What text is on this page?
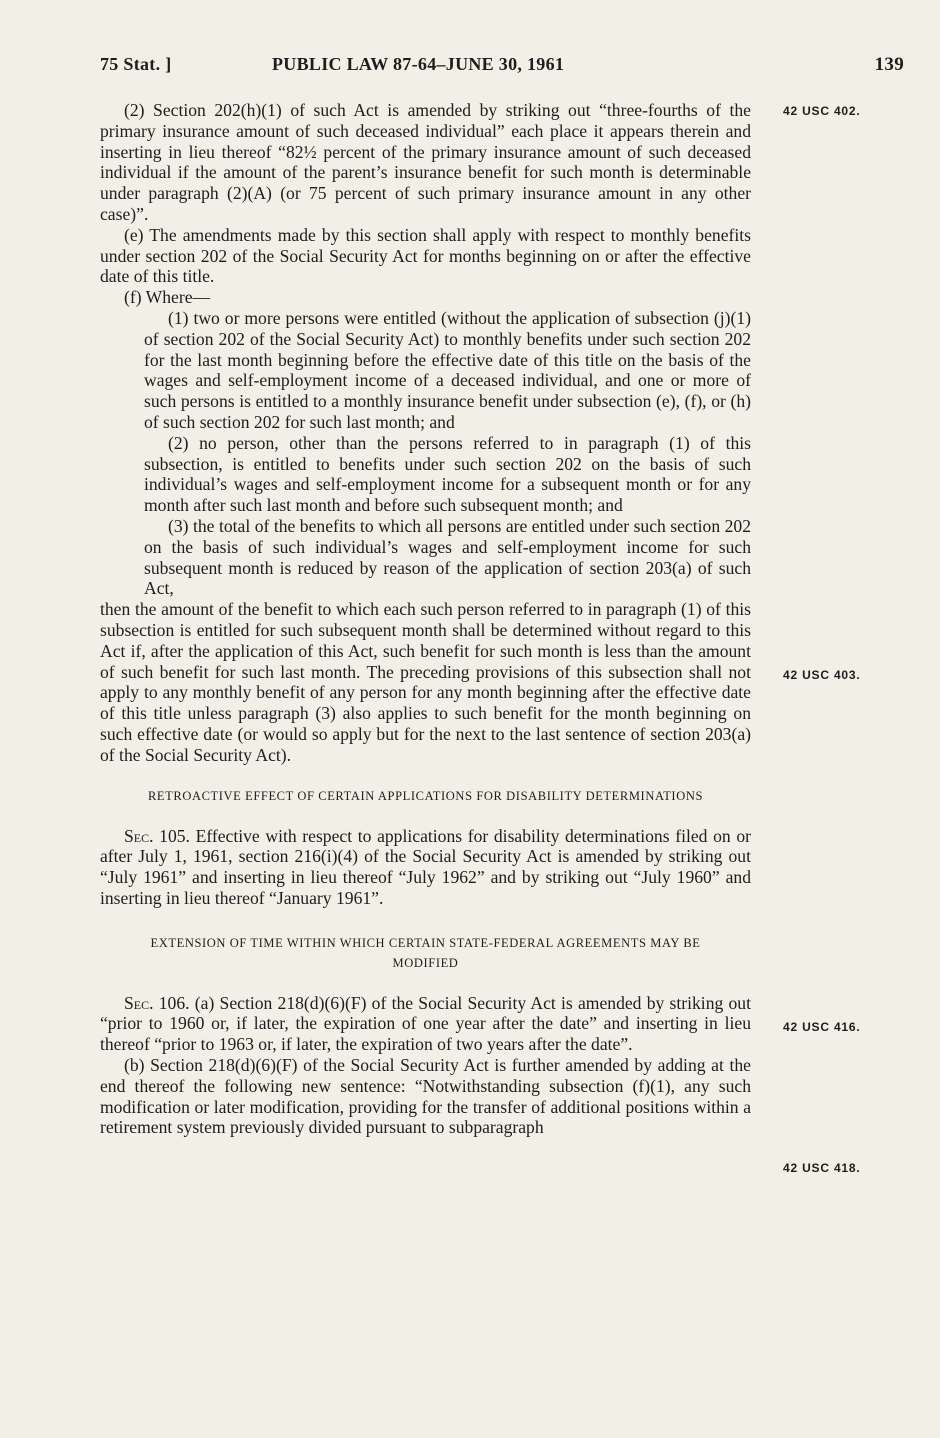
75 Stat. ]	PUBLIC LAW 87-64–JUNE 30, 1961	139
42 USC 402.
42 USC 403.
42 USC 416.
42 USC 418.

(2) Section 202(h)(1) of such Act is amended by striking out “three-fourths of the primary insurance amount of such deceased individual” each place it appears therein and inserting in lieu thereof “82½ percent of the primary insurance amount of such deceased individual if the amount of the parent’s insurance benefit for such month is determinable under paragraph (2)(A) (or 75 percent of such primary insurance amount in any other case)”.

(e) The amendments made by this section shall apply with respect to monthly benefits under section 202 of the Social Security Act for months beginning on or after the effective date of this title.

(f) Where—

(1) two or more persons were entitled (without the application of subsection (j)(1) of section 202 of the Social Security Act) to monthly benefits under such section 202 for the last month beginning before the effective date of this title on the basis of the wages and self-employment income of a deceased individual, and one or more of such persons is entitled to a monthly insurance benefit under subsection (e), (f), or (h) of such section 202 for such last month; and

(2) no person, other than the persons referred to in paragraph (1) of this subsection, is entitled to benefits under such section 202 on the basis of such individual’s wages and self-employment income for a subsequent month or for any month after such last month and before such subsequent month; and

(3) the total of the benefits to which all persons are entitled under such section 202 on the basis of such individual’s wages and self-employment income for such subsequent month is reduced by reason of the application of section 203(a) of such Act,

then the amount of the benefit to which each such person referred to in paragraph (1) of this subsection is entitled for such subsequent month shall be determined without regard to this Act if, after the application of this Act, such benefit for such month is less than the amount of such benefit for such last month. The preceding provisions of this subsection shall not apply to any monthly benefit of any person for any month beginning after the effective date of this title unless paragraph (3) also applies to such benefit for the month beginning on such effective date (or would so apply but for the next to the last sentence of section 203(a) of the Social Security Act).

RETROACTIVE EFFECT OF CERTAIN APPLICATIONS FOR DISABILITY DETERMINATIONS

Sec. 105. Effective with respect to applications for disability determinations filed on or after July 1, 1961, section 216(i)(4) of the Social Security Act is amended by striking out “July 1961” and inserting in lieu thereof “July 1962” and by striking out “July 1960” and inserting in lieu thereof “January 1961”.

EXTENSION OF TIME WITHIN WHICH CERTAIN STATE-FEDERAL AGREEMENTS MAY BE MODIFIED

Sec. 106. (a) Section 218(d)(6)(F) of the Social Security Act is amended by striking out “prior to 1960 or, if later, the expiration of one year after the date” and inserting in lieu thereof “prior to 1963 or, if later, the expiration of two years after the date”.

(b) Section 218(d)(6)(F) of the Social Security Act is further amended by adding at the end thereof the following new sentence: “Notwithstanding subsection (f)(1), any such modification or later modification, providing for the transfer of additional positions within a retirement system previously divided pursuant to subparagraph
